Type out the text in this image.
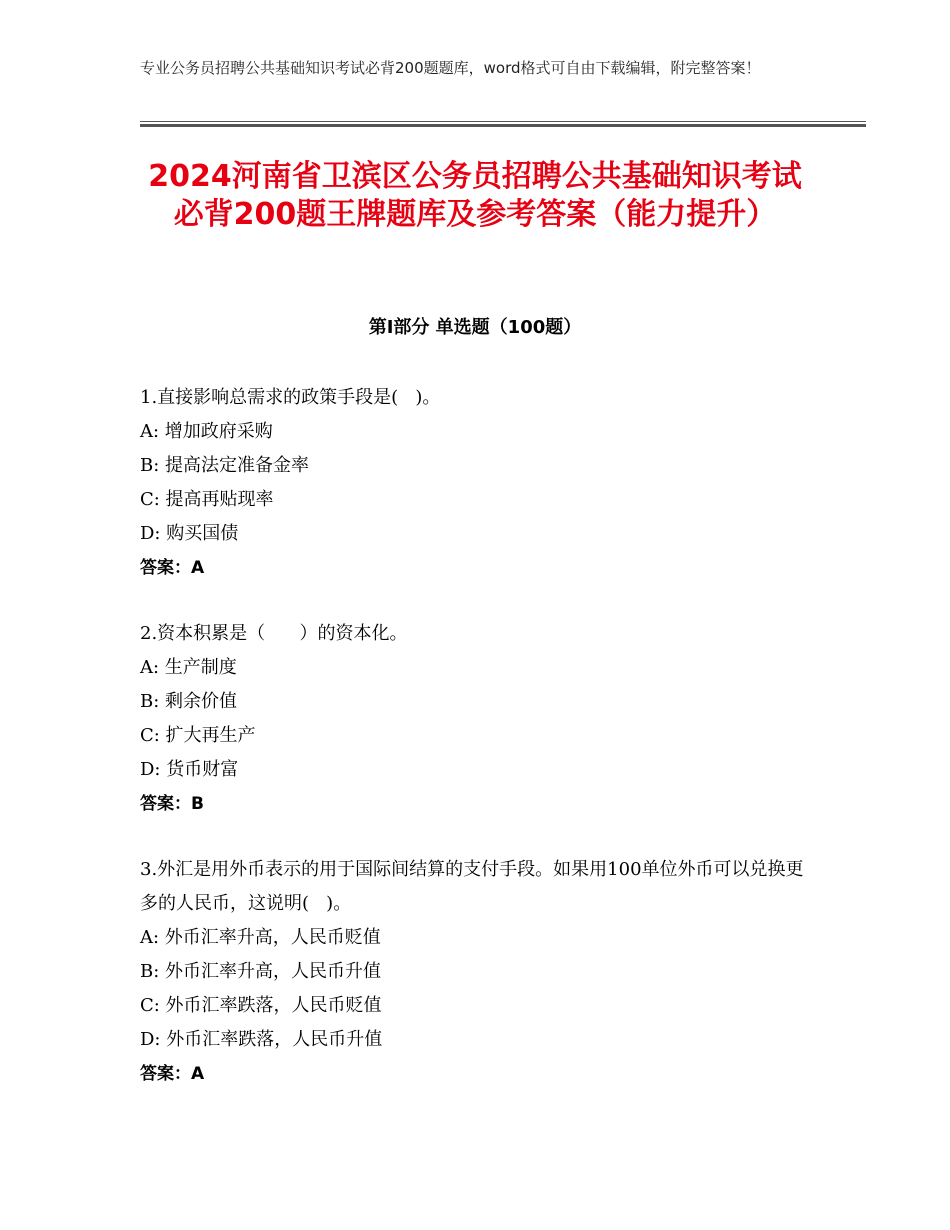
专业公务员招聘公共基础知识考试必背200题题库，word格式可自由下载编辑，附完整答案！
2024河南省卫滨区公务员招聘公共基础知识考试必背200题王牌题库及参考答案（能力提升）
第Ⅰ部分 单选题（100题）

1.直接影响总需求的政策手段是(   )。

A: 增加政府采购

B: 提高法定准备金率

C: 提高再贴现率

D: 购买国债

答案：A

2.资本积累是（      ）的资本化。

A: 生产制度

B: 剩余价值

C: 扩大再生产

D: 货币财富

答案：B

3.外汇是用外币表示的用于国际间结算的支付手段。如果用100单位外币可以兑换更多的人民币，这说明(   )。

A: 外币汇率升高，人民币贬值

B: 外币汇率升高，人民币升值

C: 外币汇率跌落，人民币贬值

D: 外币汇率跌落，人民币升值

答案：A
